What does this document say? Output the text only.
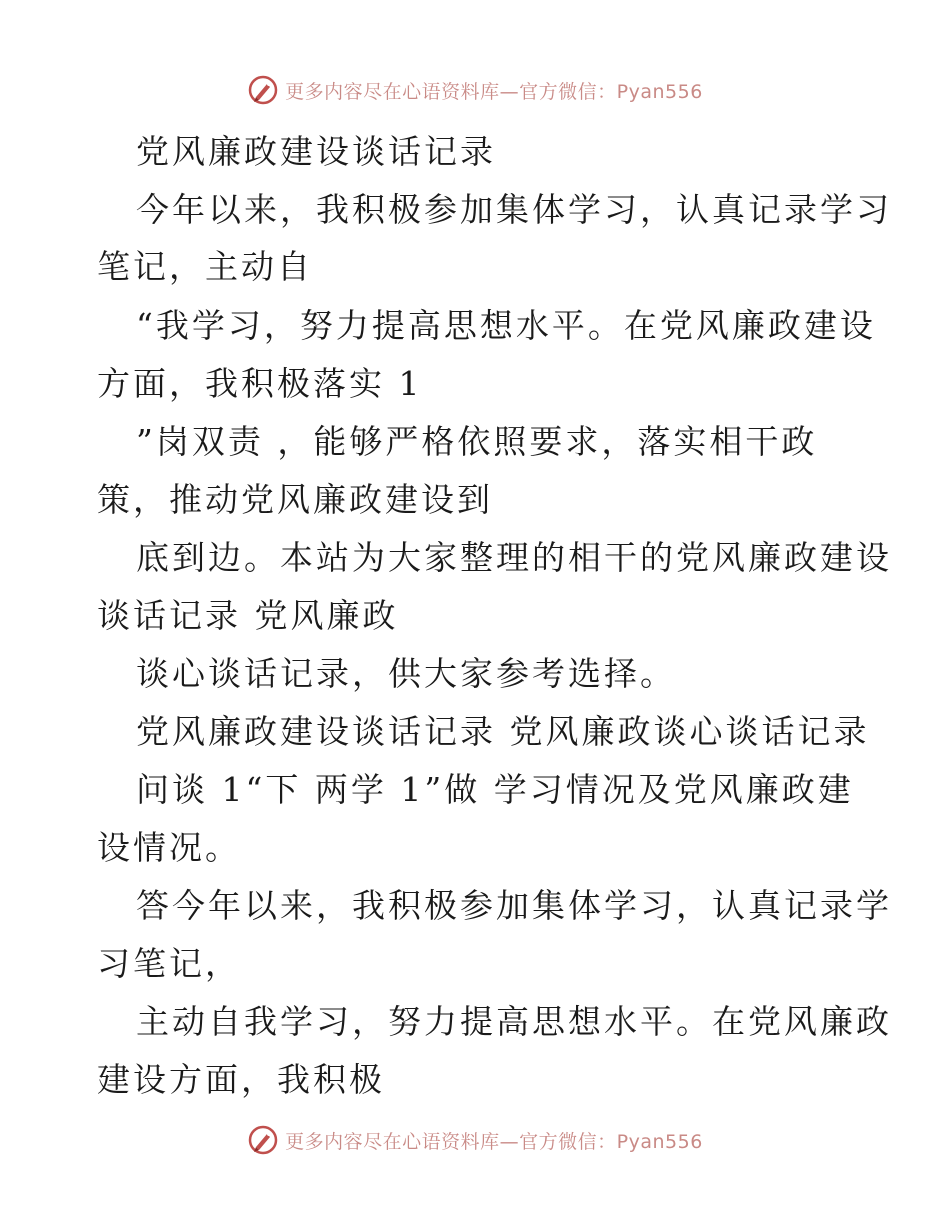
更多内容尽在心语资料库—官方微信：Pyan556
党风廉政建设谈话记录
今年以来，我积极参加集体学习，认真记录学习
笔记，主动自
“我学习，努力提高思想水平。在党风廉政建设
方面，我积极落实 1
”岗双责 ，能够严格依照要求，落实相干政
策，推动党风廉政建设到
底到边。本站为大家整理的相干的党风廉政建设
谈话记录 党风廉政
谈心谈话记录，供大家参考选择。
党风廉政建设谈话记录 党风廉政谈心谈话记录
问谈 1“下 两学 1”做 学习情况及党风廉政建
设情况。
答今年以来，我积极参加集体学习，认真记录学
习笔记，
主动自我学习，努力提高思想水平。在党风廉政
建设方面，我积极
更多内容尽在心语资料库—官方微信：Pyan556
